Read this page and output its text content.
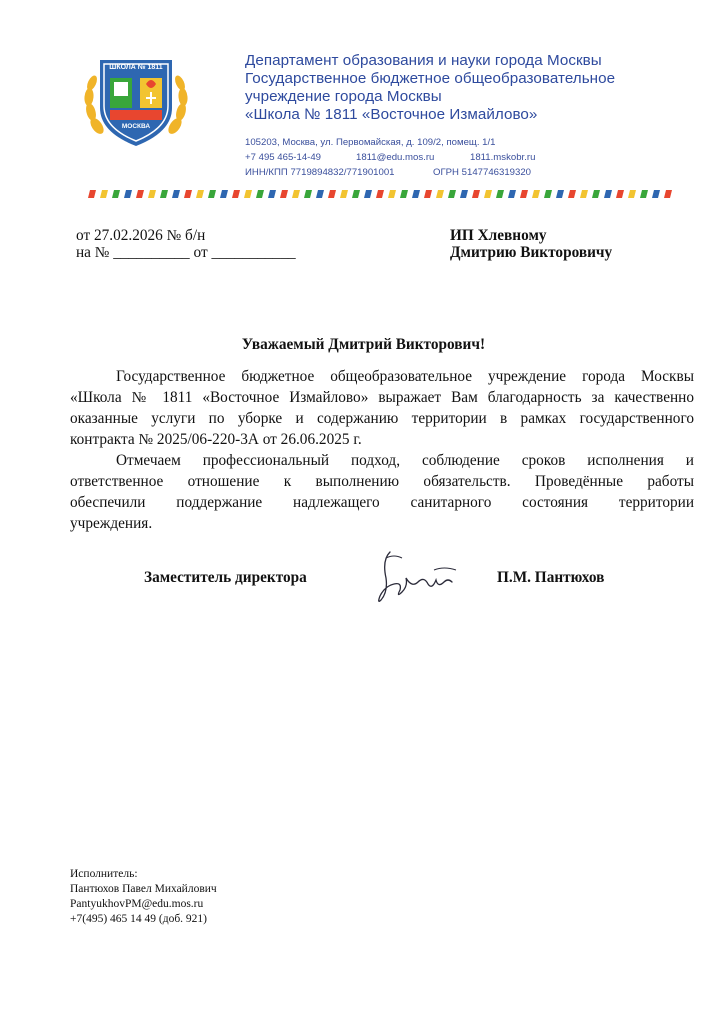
ШКОЛА № 1811
МОСКВА
Департамент образования и науки города Москвы
Государственное бюджетное общеобразовательное
учреждение города Москвы
«Школа № 1811 «Восточное Измайлово»
105203, Москва, ул. Первомайская, д. 109/2, помещ. 1/1
+7 495 465-14-49	1811@edu.mos.ru	1811.mskobr.ru
ИНН/КПП 7719894832/771901001	ОГРН 5147746319320
от 27.02.2026 № б/н
на № __________ от ___________
ИП Хлевному
Дмитрию Викторовичу
Уважаемый Дмитрий Викторович!

Государственное бюджетное общеобразовательное учреждение города Москвы

«Школа № 1811 «Восточное Измайлово» выражает Вам благодарность за качественно

оказанные услуги по уборке и содержанию территории в рамках государственного

контракта № 2025/06-220-3А от 26.06.2025 г.

Отмечаем профессиональный подход, соблюдение сроков исполнения и

ответственное отношение к выполнению обязательств. Проведённые работы

обеспечили поддержание надлежащего санитарного состояния территории

учреждения.

Заместитель директора	П.М. Пантюхов
Исполнитель:
Пантюхов Павел Михайлович
PantyukhovPM@edu.mos.ru
+7(495) 465 14 49 (доб. 921)
